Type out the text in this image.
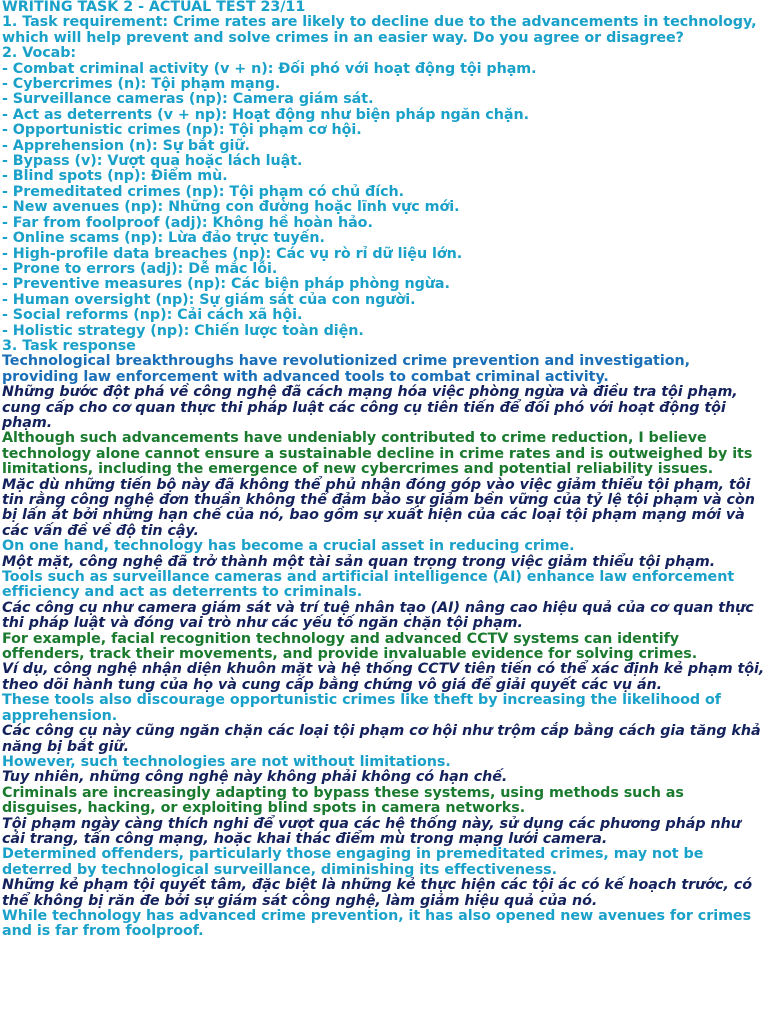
WRITING TASK 2 - ACTUAL TEST 23/11

1. Task requirement: Crime rates are likely to decline due to the advancements in technology, which will help prevent and solve crimes in an easier way. Do you agree or disagree?

2. Vocab:

- Combat criminal activity (v + n): Đối phó với hoạt động tội phạm.

- Cybercrimes (n): Tội phạm mạng.

- Surveillance cameras (np): Camera giám sát.

- Act as deterrents (v + np): Hoạt động như biện pháp ngăn chặn.

- Opportunistic crimes (np): Tội phạm cơ hội.

- Apprehension (n): Sự bắt giữ.

- Bypass (v): Vượt qua hoặc lách luật.

- Blind spots (np): Điểm mù.

- Premeditated crimes (np): Tội phạm có chủ đích.

- New avenues (np): Những con đường hoặc lĩnh vực mới.

- Far from foolproof (adj): Không hề hoàn hảo.

- Online scams (np): Lừa đảo trực tuyến.

- High-profile data breaches (np): Các vụ rò rỉ dữ liệu lớn.

- Prone to errors (adj): Dễ mắc lỗi.

- Preventive measures (np): Các biện pháp phòng ngừa.

- Human oversight (np): Sự giám sát của con người.

- Social reforms (np): Cải cách xã hội.

- Holistic strategy (np): Chiến lược toàn diện.

3. Task response

Technological breakthroughs have revolutionized crime prevention and investigation, providing law enforcement with advanced tools to combat criminal activity.

Những bước đột phá về công nghệ đã cách mạng hóa việc phòng ngừa và điều tra tội phạm, cung cấp cho cơ quan thực thi pháp luật các công cụ tiên tiến để đối phó với hoạt động tội phạm.

Although such advancements have undeniably contributed to crime reduction, I believe technology alone cannot ensure a sustainable decline in crime rates and is outweighed by its limitations, including the emergence of new cybercrimes and potential reliability issues.

Mặc dù những tiến bộ này đã không thể phủ nhận đóng góp vào việc giảm thiểu tội phạm, tôi tin rằng công nghệ đơn thuần không thể đảm bảo sự giảm bền vững của tỷ lệ tội phạm và còn bị lấn át bởi những hạn chế của nó, bao gồm sự xuất hiện của các loại tội phạm mạng mới và các vấn đề về độ tin cậy.

On one hand, technology has become a crucial asset in reducing crime.

Một mặt, công nghệ đã trở thành một tài sản quan trọng trong việc giảm thiểu tội phạm.

Tools such as surveillance cameras and artificial intelligence (AI) enhance law enforcement efficiency and act as deterrents to criminals.

Các công cụ như camera giám sát và trí tuệ nhân tạo (AI) nâng cao hiệu quả của cơ quan thực thi pháp luật và đóng vai trò như các yếu tố ngăn chặn tội phạm.

For example, facial recognition technology and advanced CCTV systems can identify offenders, track their movements, and provide invaluable evidence for solving crimes.

Ví dụ, công nghệ nhận diện khuôn mặt và hệ thống CCTV tiên tiến có thể xác định kẻ phạm tội, theo dõi hành tung của họ và cung cấp bằng chứng vô giá để giải quyết các vụ án.

These tools also discourage opportunistic crimes like theft by increasing the likelihood of apprehension.

Các công cụ này cũng ngăn chặn các loại tội phạm cơ hội như trộm cắp bằng cách gia tăng khả năng bị bắt giữ.

However, such technologies are not without limitations.

Tuy nhiên, những công nghệ này không phải không có hạn chế.

Criminals are increasingly adapting to bypass these systems, using methods such as disguises, hacking, or exploiting blind spots in camera networks.

Tội phạm ngày càng thích nghi để vượt qua các hệ thống này, sử dụng các phương pháp như cải trang, tấn công mạng, hoặc khai thác điểm mù trong mạng lưới camera.

Determined offenders, particularly those engaging in premeditated crimes, may not be deterred by technological surveillance, diminishing its effectiveness.

Những kẻ phạm tội quyết tâm, đặc biệt là những kẻ thực hiện các tội ác có kế hoạch trước, có thể không bị răn đe bởi sự giám sát công nghệ, làm giảm hiệu quả của nó.

While technology has advanced crime prevention, it has also opened new avenues for crimes and is far from foolproof.
